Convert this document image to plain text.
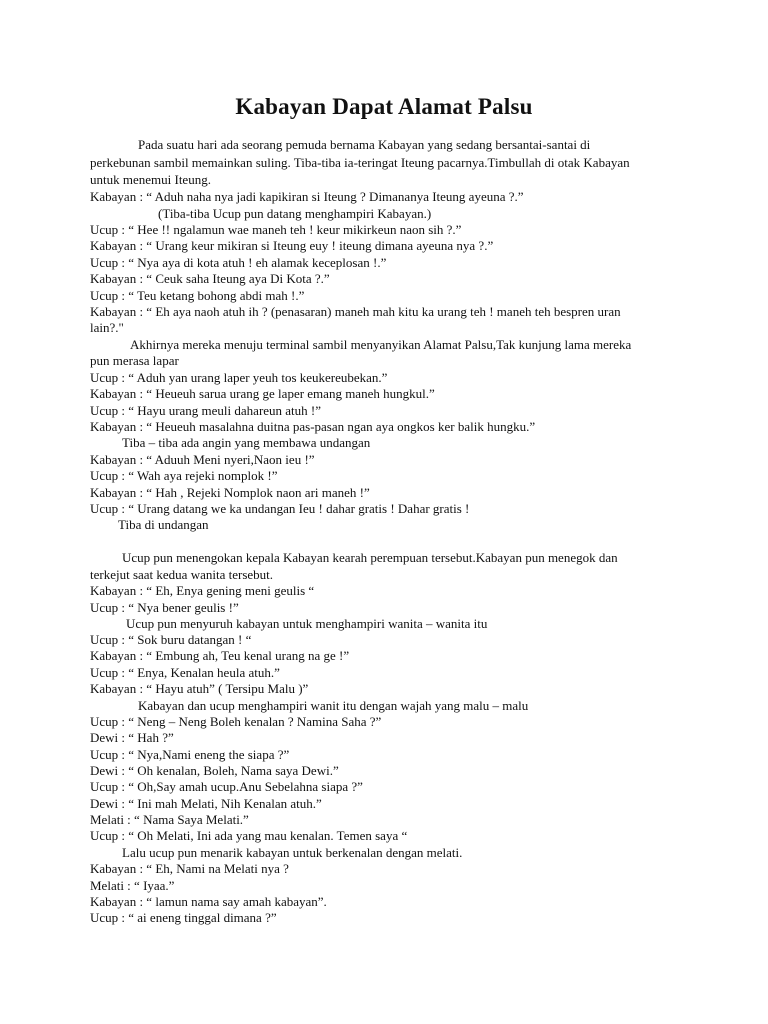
Kabayan Dapat Alamat Palsu
Pada suatu hari ada seorang pemuda bernama Kabayan yang sedang bersantai-santai di
perkebunan sambil memainkan suling. Tiba-tiba ia-teringat Iteung pacarnya.Timbullah di otak Kabayan
untuk menemui Iteung.
Kabayan : “ Aduh naha nya jadi kapikiran si Iteung ? Dimananya Iteung ayeuna ?.”
(Tiba-tiba Ucup pun datang menghampiri Kabayan.)
Ucup : “ Hee !! ngalamun wae maneh teh ! keur mikirkeun naon sih ?.”
Kabayan : “ Urang keur mikiran si Iteung euy ! iteung dimana ayeuna nya ?.”
Ucup : “ Nya aya di kota atuh ! eh alamak keceplosan !.”
Kabayan : “ Ceuk saha Iteung aya Di Kota ?.”
Ucup : “ Teu ketang bohong abdi mah !.”
Kabayan : “ Eh aya naoh atuh ih ? (penasaran) maneh mah kitu ka urang teh ! maneh teh bespren uran
lain?."
Akhirnya mereka menuju terminal sambil menyanyikan Alamat Palsu,Tak kunjung lama mereka
pun merasa lapar
Ucup : “ Aduh yan urang laper yeuh tos keukereubekan.”
Kabayan : “ Heueuh sarua urang ge laper emang maneh hungkul.”
Ucup : “ Hayu urang meuli dahareun atuh !”
Kabayan : “ Heueuh masalahna duitna pas-pasan ngan aya ongkos ker balik hungku.”
Tiba – tiba ada angin yang membawa undangan
Kabayan : “ Aduuh Meni nyeri,Naon ieu !”
Ucup : “ Wah aya rejeki nomplok !”
Kabayan : “ Hah , Rejeki Nomplok naon ari maneh !”
Ucup : “ Urang datang we ka undangan Ieu ! dahar gratis ! Dahar gratis !
Tiba di undangan
Ucup pun menengokan kepala Kabayan kearah perempuan tersebut.Kabayan pun menegok dan
terkejut saat kedua wanita tersebut.
Kabayan : “ Eh, Enya gening meni geulis “
Ucup : “ Nya bener geulis !”
Ucup pun menyuruh kabayan untuk menghampiri wanita – wanita itu
Ucup : “ Sok buru datangan ! “
Kabayan : “ Embung ah, Teu kenal urang na ge !”
Ucup : “ Enya, Kenalan heula atuh.”
Kabayan : “ Hayu atuh” ( Tersipu Malu )”
Kabayan dan ucup menghampiri wanit itu dengan wajah yang malu – malu
Ucup : “ Neng – Neng Boleh kenalan ? Namina Saha ?”
Dewi : “ Hah ?”
Ucup : “ Nya,Nami eneng the siapa ?”
Dewi : “ Oh kenalan, Boleh, Nama saya Dewi.”
Ucup : “ Oh,Say amah ucup.Anu Sebelahna siapa ?”
Dewi : “ Ini mah Melati, Nih Kenalan atuh.”
Melati : “ Nama Saya Melati.”
Ucup : “ Oh Melati, Ini ada yang mau kenalan. Temen saya “
Lalu ucup pun menarik kabayan untuk berkenalan dengan melati.
Kabayan : “ Eh, Nami na Melati nya ?
Melati : “ Iyaa.”
Kabayan : “ lamun nama say amah kabayan”.
Ucup : “ ai eneng tinggal dimana ?”
